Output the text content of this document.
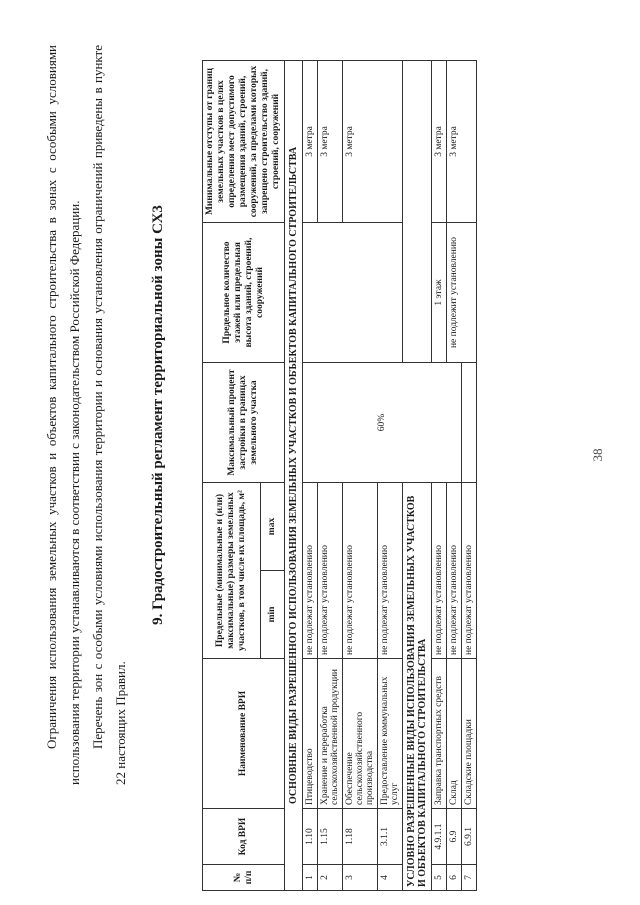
38
Ограничения использования земельных участков и объектов капитального строительства в зонах с особыми условиями использования территории устанавливаются в соответствии с законодательством Российской Федерации. Перечень зон с особыми условиями использования территории и основания установления ограничений приведены в пункте 22 настоящих Правил.
9. Градостроительный регламент территориальной зоны СХ3
№ п/п	Код ВРИ	Наименование ВРИ	Предельные (минимальные и (или) максимальные) размеры земельных участков, в том числе их площадь, м²		Максимальный процент застройки в границах земельного участка	Предельное количество этажей или предельная высота зданий, строений, сооружений	Минимальные отступы от границ земельных участков в целях определения мест допустимого размещения зданий, строений, сооружений, за пределами которых запрещено строительство зданий, строений, сооружений
			min	max			
ОСНОВНЫЕ ВИДЫ РАЗРЕШЕННОГО ИСПОЛЬЗОВАНИЯ ЗЕМЕЛЬНЫХ УЧАСТКОВ И ОБЪЕКТОВ КАПИТАЛЬНОГО СТРОИТЕЛЬСТВА							
1	1.10	Птицеводство	не подлежат установлению		60%		3 метра
2	1.15	Хранение и переработка сельскохозяйственной продукции	не подлежат установлению				3 метра
3	1.18	Обеспечение сельскохозяйственного производства	не подлежат установлению				3 метра
4	3.1.1	Предоставление коммунальных услуг	не подлежат установлению				
УСЛОВНО РАЗРЕШЕННЫЕ ВИДЫ ИСПОЛЬЗОВАНИЯ ЗЕМЕЛЬНЫХ УЧАСТКОВ И ОБЪЕКТОВ КАПИТАЛЬНОГО СТРОИТЕЛЬСТВА							
5	4.9.1.1	Заправка транспортных средств	не подлежат установлению			1 этаж	3 метра
6	6.9	Склад	не подлежат установлению			не подлежит установлению	3 метра
7	6.9.1	Складские площадки	не подлежат установлению				
